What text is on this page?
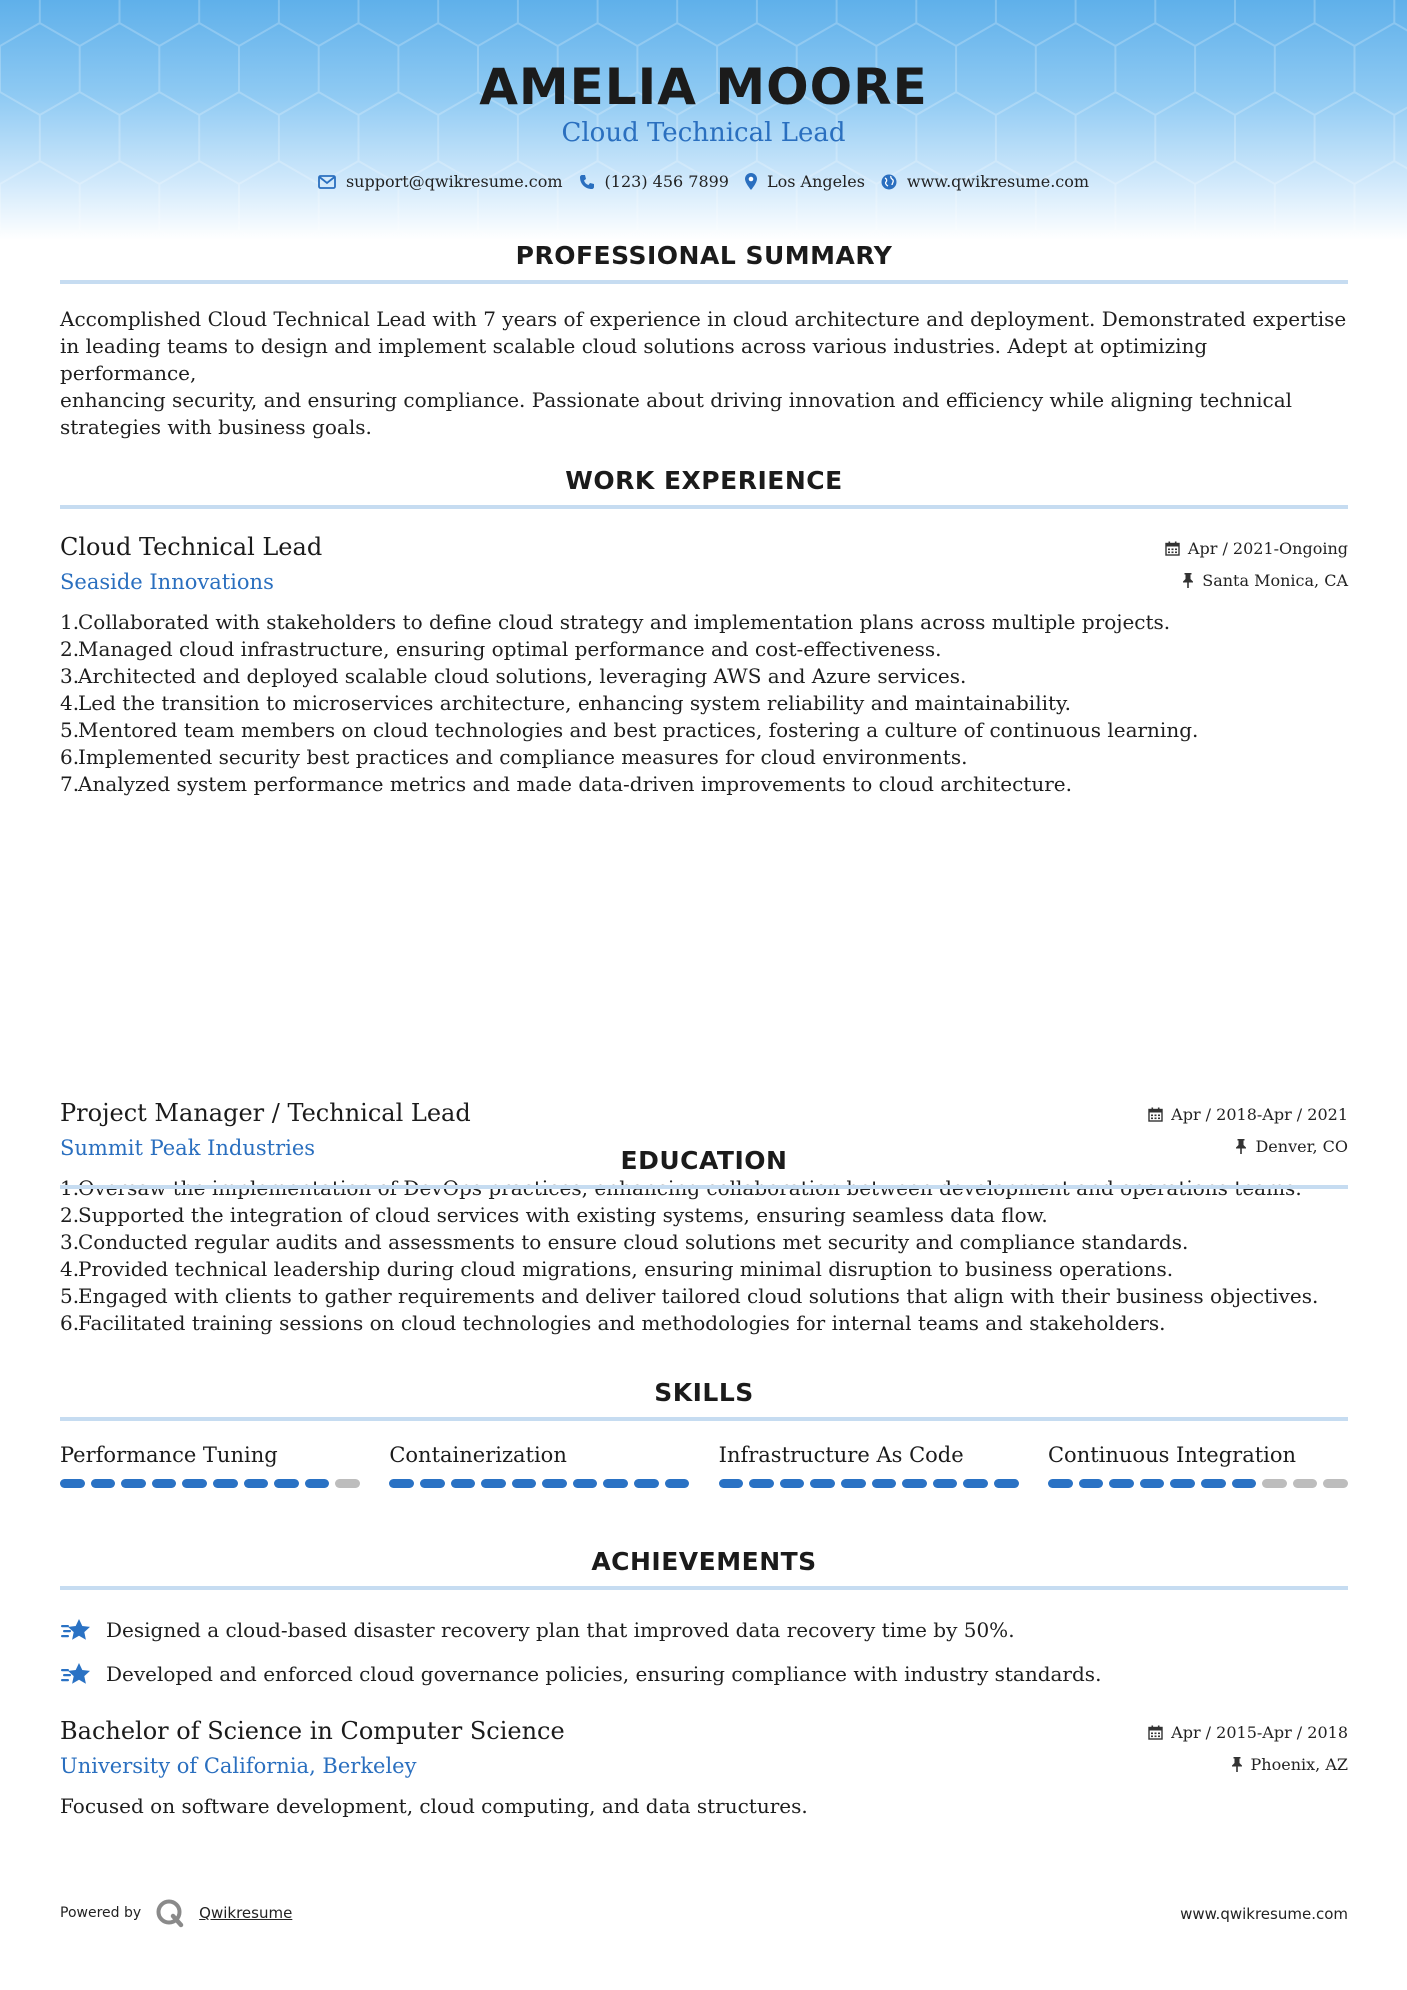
AMELIA MOORE
Cloud Technical Lead
support@qwikresume.com	(123) 456 7899 Los Angeles	www.qwikresume.com
PROFESSIONAL SUMMARY
Accomplished Cloud Technical Lead with 7 years of experience in cloud architecture and deployment. Demonstrated expertise
in leading teams to design and implement scalable cloud solutions across various industries. Adept at optimizing performance,
enhancing security, and ensuring compliance. Passionate about driving innovation and efficiency while aligning technical
strategies with business goals.
WORK EXPERIENCE
Cloud Technical Lead
Seaside Innovations
Apr / 2021-Ongoing
Santa Monica, CA
1.
Collaborated with stakeholders to define cloud strategy and implementation plans across multiple projects.
2.
Managed cloud infrastructure, ensuring optimal performance and cost-effectiveness.
3.
Architected and deployed scalable cloud solutions, leveraging AWS and Azure services.
4.
Led the transition to microservices architecture, enhancing system reliability and maintainability.
5.
Mentored team members on cloud technologies and best practices, fostering a culture of continuous learning.
6.
Implemented security best practices and compliance measures for cloud environments.
7.
Analyzed system performance metrics and made data-driven improvements to cloud architecture.
Project Manager / Technical Lead
Summit Peak Industries
Apr / 2018-Apr / 2021
Denver, CO
2.
Supported the integration of cloud services with existing systems, ensuring seamless data flow.
3.
Conducted regular audits and assessments to ensure cloud solutions met security and compliance standards.
4.
Provided technical leadership during cloud migrations, ensuring minimal disruption to business operations.
5.
Engaged with clients to gather requirements and deliver tailored cloud solutions that align with their business objectives.
6.
Facilitated training sessions on cloud technologies and methodologies for internal teams and stakeholders.
EDUCATION
Bachelor of Science in Computer Science
University of California, Berkeley
Apr / 2015-Apr / 2018
Phoenix, AZ
Focused on software development, cloud computing, and data structures.
SKILLS
Performance Tuning	Containerization	Infrastructure As Code	Continuous Integration
ACHIEVEMENTS
Designed a cloud-based disaster recovery plan that improved data recovery time by 50%.
Developed and enforced cloud governance policies, ensuring compliance with industry standards.
Powered by	Qwikresume	www.qwikresume.com
